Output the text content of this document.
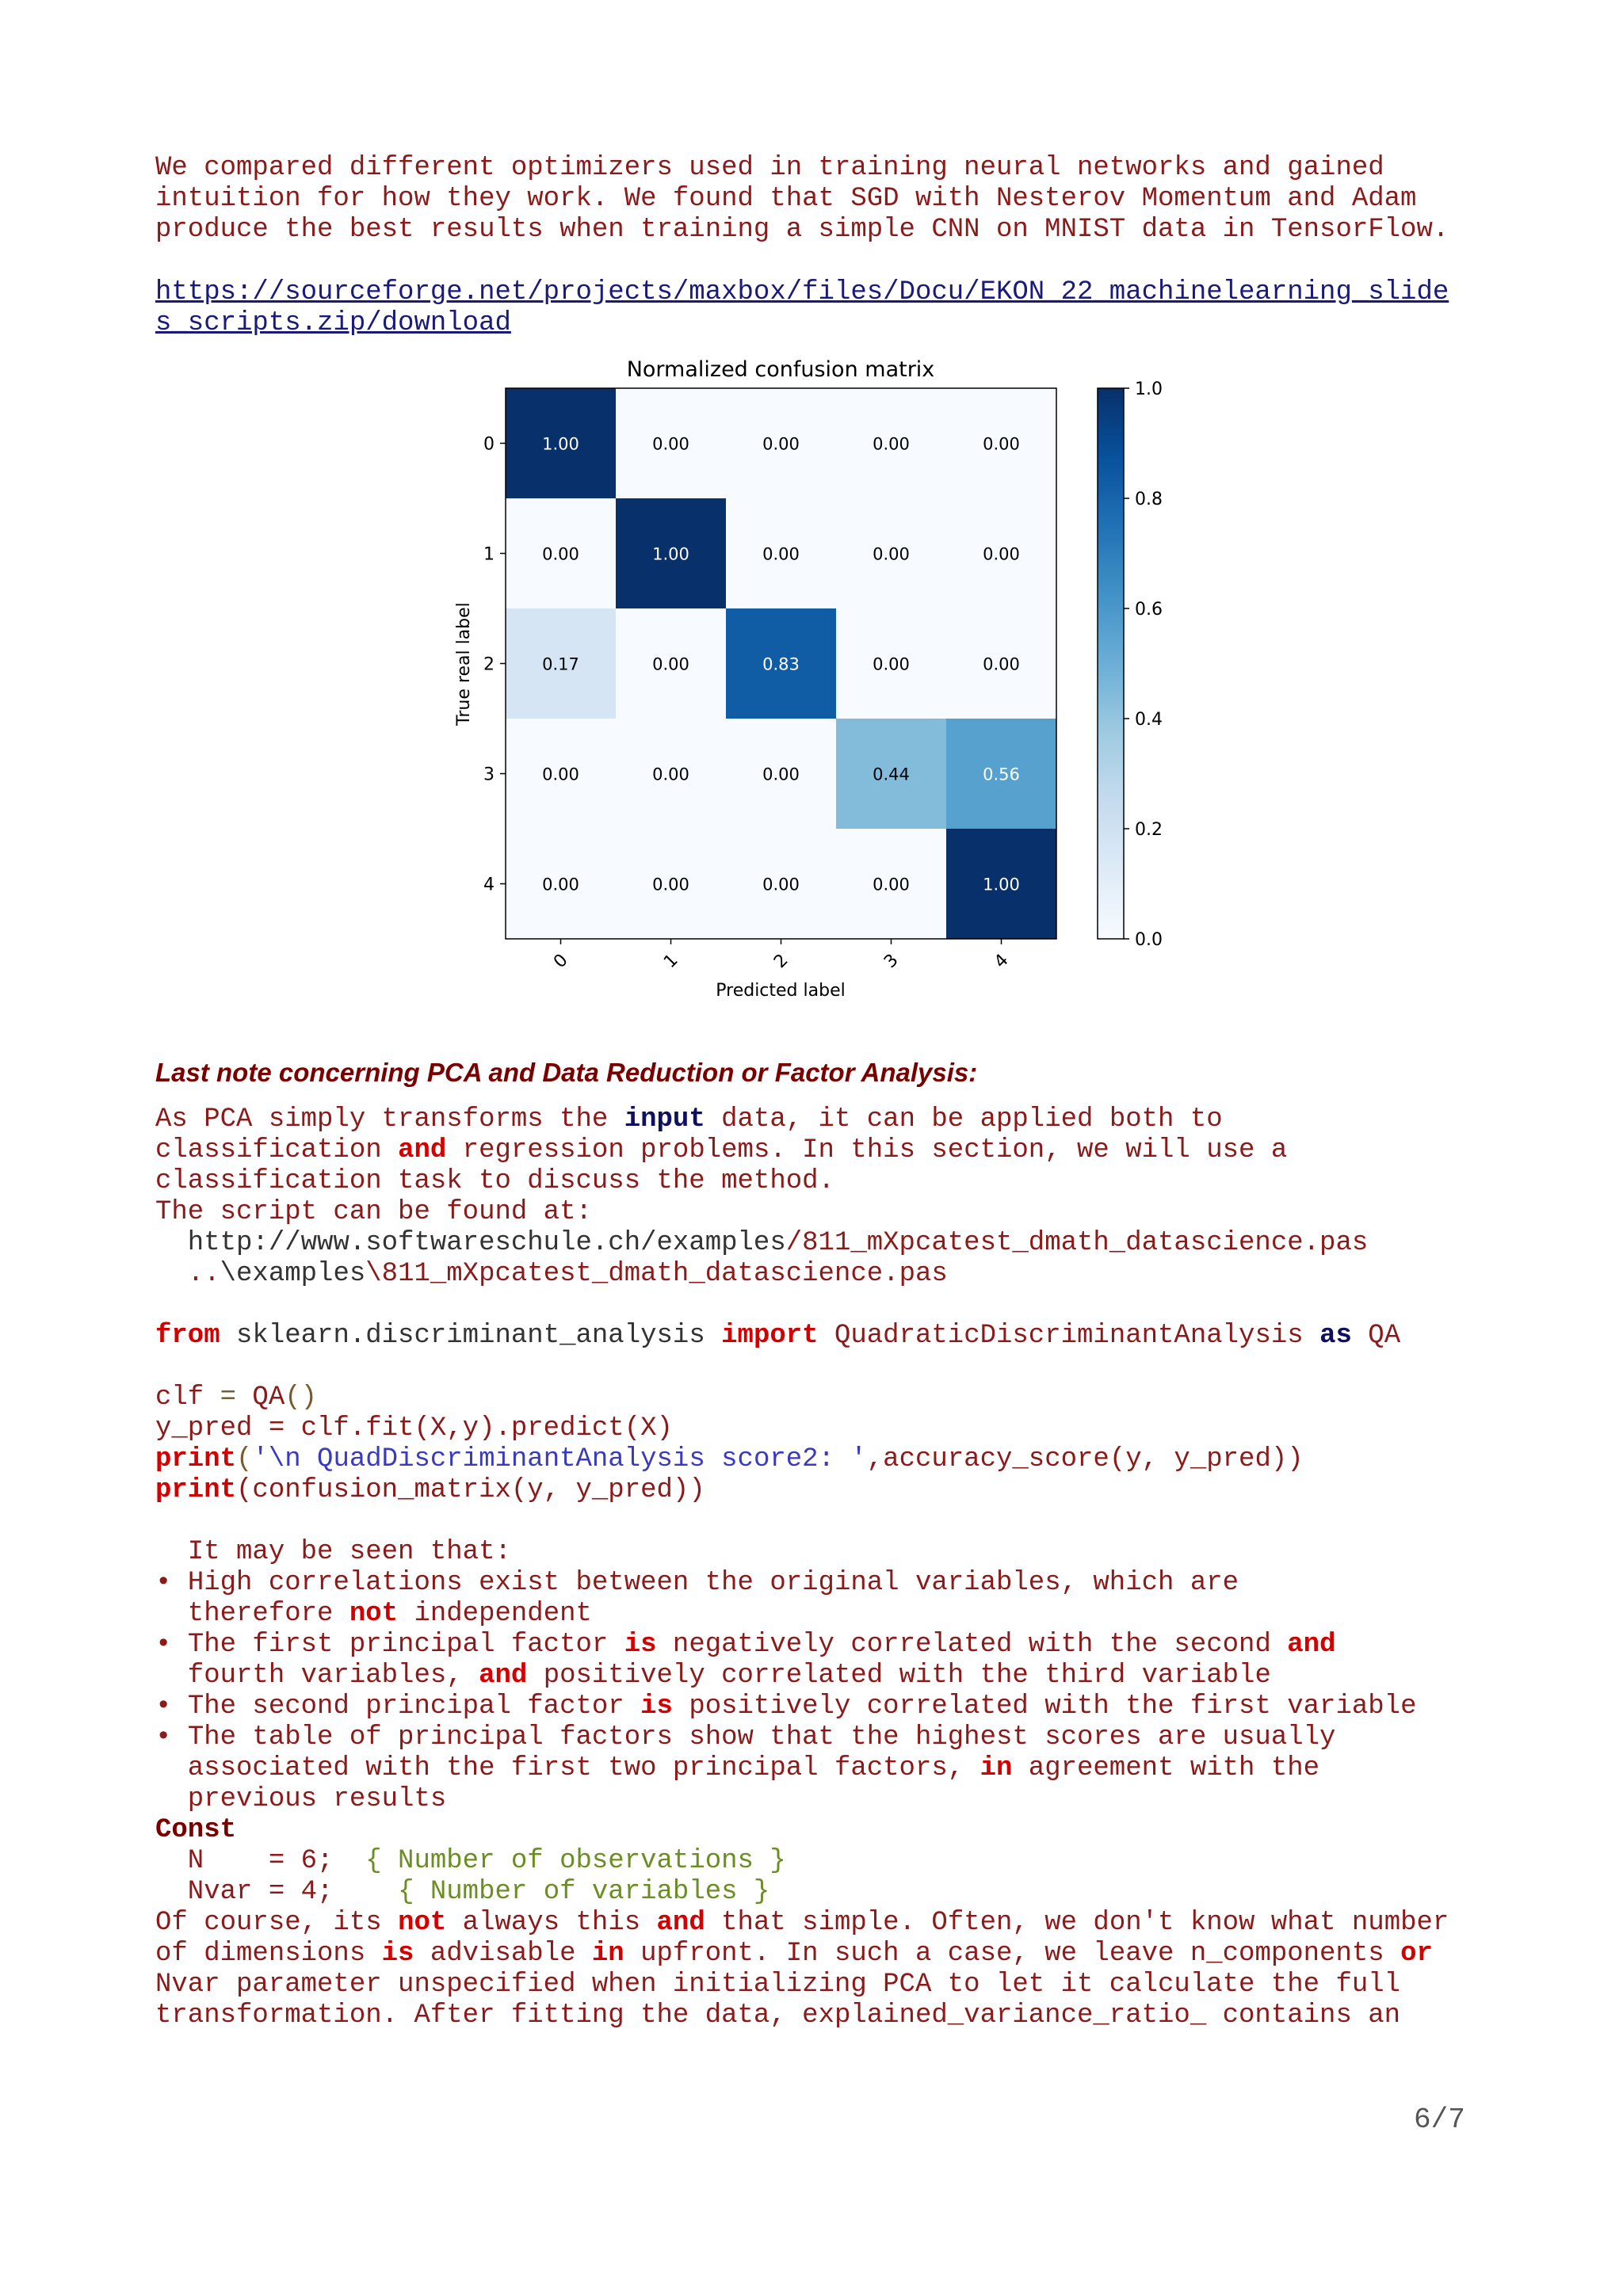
We compared different optimizers used in training neural networks and gained

intuition for how they work. We found that SGD with Nesterov Momentum and Adam

produce the best results when training a simple CNN on MNIST data in TensorFlow.

https://sourceforge.net/projects/maxbox/files/Docu/EKON_22_machinelearning_slide

s_scripts.zip/download

Normalized confusion matrix
1.00	0.00	0.00	0.00	0.00
0.00	1.00	0.00	0.00	0.00
0.17	0.00	0.83	0.00	0.00
0.00	0.00	0.00	0.44	0.56
0.00	0.00	0.00	0.00	1.00
0
1
2
3
4
0	1	2	3	4
Predicted label
True real label
0.0
0.2
0.4
0.6
0.8
1.0
Last note concerning PCA and Data Reduction or Factor Analysis:

As PCA simply transforms the input data, it can be applied both to

classification and regression problems. In this section, we will use a

classification task to discuss the method.

The script can be found at:

http://www.softwareschule.ch/examples/811_mXpcatest_dmath_datascience.pas

..\examples\811_mXpcatest_dmath_datascience.pas

from sklearn.discriminant_analysis import QuadraticDiscriminantAnalysis as QA

clf = QA()

y_pred = clf.fit(X,y).predict(X)

print('\n QuadDiscriminantAnalysis score2: ',accuracy_score(y, y_pred))

print(confusion_matrix(y, y_pred))

It may be seen that:

• High correlations exist between the original variables, which are

therefore not independent

• The first principal factor is negatively correlated with the second and

fourth variables, and positively correlated with the third variable

• The second principal factor is positively correlated with the first variable

• The table of principal factors show that the highest scores are usually

associated with the first two principal factors, in agreement with the

previous results

Const

N    = 6;  { Number of observations }

Nvar = 4;    { Number of variables }

Of course, its not always this and that simple. Often, we don't know what number

of dimensions is advisable in upfront. In such a case, we leave n_components or

Nvar parameter unspecified when initializing PCA to let it calculate the full

transformation. After fitting the data, explained_variance_ratio_ contains an

6/7
